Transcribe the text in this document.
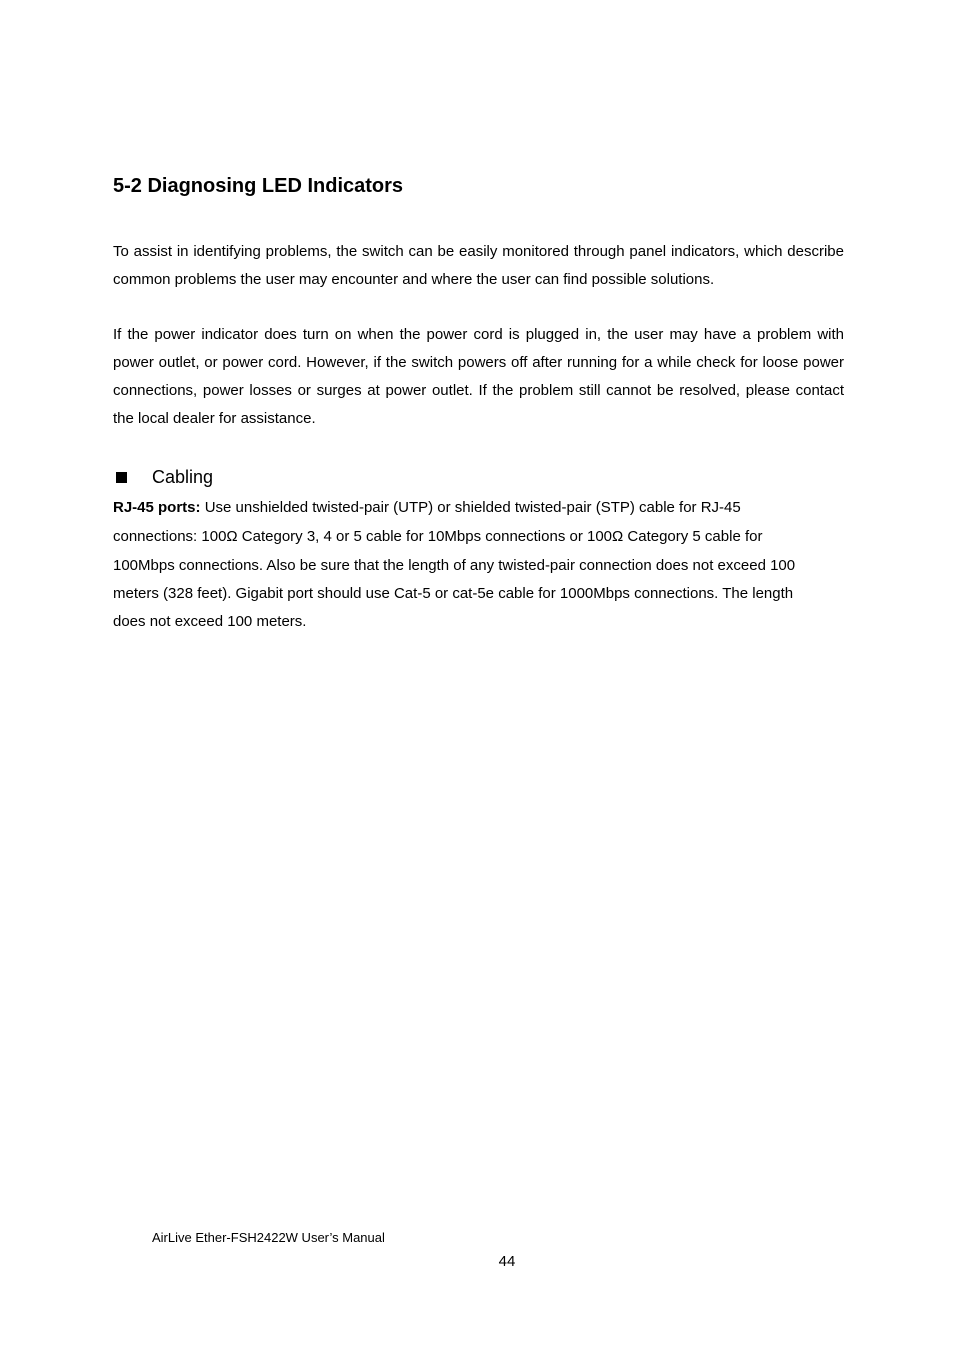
5-2 Diagnosing LED Indicators

To assist in identifying problems, the switch can be easily monitored through panel indicators, which describe common problems the user may encounter and where the user can find possible solutions.

If the power indicator does turn on when the power cord is plugged in, the user may have a problem with power outlet, or power cord. However, if the switch powers off after running for a while check for loose power connections, power losses or surges at power outlet. If the problem still cannot be resolved, please contact the local dealer for assistance.

Cabling

RJ-45 ports: Use unshielded twisted-pair (UTP) or shielded twisted-pair (STP) cable for RJ-45
connections: 100Ω Category 3, 4 or 5 cable for 10Mbps connections or 100Ω Category 5 cable for
100Mbps connections. Also be sure that the length of any twisted-pair connection does not exceed 100
meters (328 feet). Gigabit port should use Cat-5 or cat-5e cable for 1000Mbps connections. The length
does not exceed 100 meters.

AirLive Ether-FSH2422W User’s Manual
44
